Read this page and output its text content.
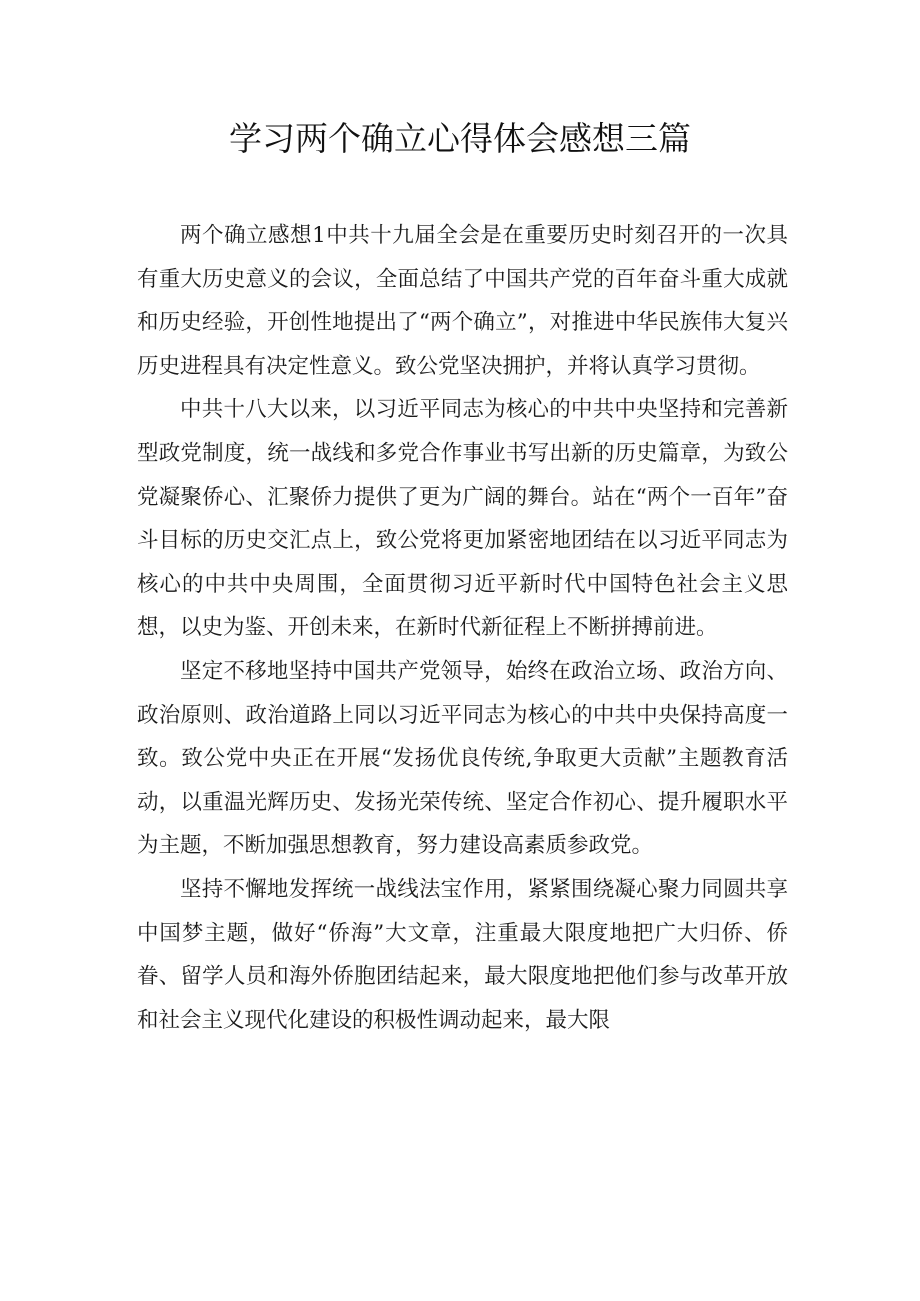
学习两个确立心得体会感想三篇

两个确立感想1中共十九届全会是在重要历史时刻召开的一次具有重大历史意义的会议，全面总结了中国共产党的百年奋斗重大成就和历史经验，开创性地提出了“两个确立”，对推进中华民族伟大复兴历史进程具有决定性意义。致公党坚决拥护，并将认真学习贯彻。

中共十八大以来，以习近平同志为核心的中共中央坚持和完善新型政党制度，统一战线和多党合作事业书写出新的历史篇章，为致公党凝聚侨心、汇聚侨力提供了更为广阔的舞台。站在“两个一百年”奋斗目标的历史交汇点上，致公党将更加紧密地团结在以习近平同志为核心的中共中央周围，全面贯彻习近平新时代中国特色社会主义思想，以史为鉴、开创未来，在新时代新征程上不断拼搏前进。

坚定不移地坚持中国共产党领导，始终在政治立场、政治方向、政治原则、政治道路上同以习近平同志为核心的中共中央保持高度一致。致公党中央正在开展“发扬优良传统,争取更大贡献”主题教育活动，以重温光辉历史、发扬光荣传统、坚定合作初心、提升履职水平为主题，不断加强思想教育，努力建设高素质参政党。

坚持不懈地发挥统一战线法宝作用，紧紧围绕凝心聚力同圆共享中国梦主题，做好“侨海”大文章，注重最大限度地把广大归侨、侨眷、留学人员和海外侨胞团结起来，最大限度地把他们参与改革开放和社会主义现代化建设的积极性调动起来，最大限
